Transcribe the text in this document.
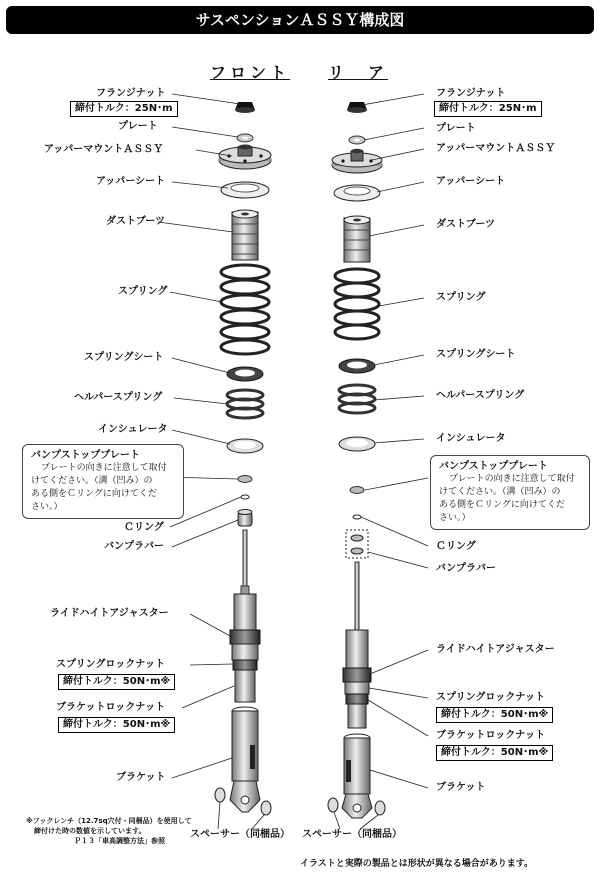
サスペンションＡＳＳＹ構成図
フロント リ　ア
フランジナット
締付トルク：25N･m
プレート
アッパーマウントＡＳＳＹ
アッパーシート
ダストブーツ
スプリング
スプリングシート
ヘルパースプリング
インシュレータ
バンプストッププレート
プレートの向きに注意して取付
けてください。（溝（凹み）の
ある側をＣリングに向けてくだ
さい。）
Ｃリング
バンプラバー
ライドハイトアジャスター
スプリングロックナット
締付トルク：50N･m※
ブラケットロックナット
締付トルク：50N･m※
ブラケット
スペーサー（同梱品）
※フックレンチ（12.7sq穴付・同梱品）を使用して
締付けた時の数値を示しています。
Ｐ１３「車高調整方法」参照
フランジナット
締付トルク：25N･m
プレート
アッパーマウントＡＳＳＹ
アッパーシート
ダストブーツ
スプリング
スプリングシート
ヘルパースプリング
インシュレータ
バンプストッププレート
プレートの向きに注意して取付
けてください。（溝（凹み）の
ある側をＣリングに向けてくだ
さい。）
Ｃリング
バンプラバー
ライドハイトアジャスター
スプリングロックナット
締付トルク：50N･m※
ブラケットロックナット
締付トルク：50N･m※
ブラケット
スペーサー（同梱品）
イラストと実際の製品とは形状が異なる場合があります。
